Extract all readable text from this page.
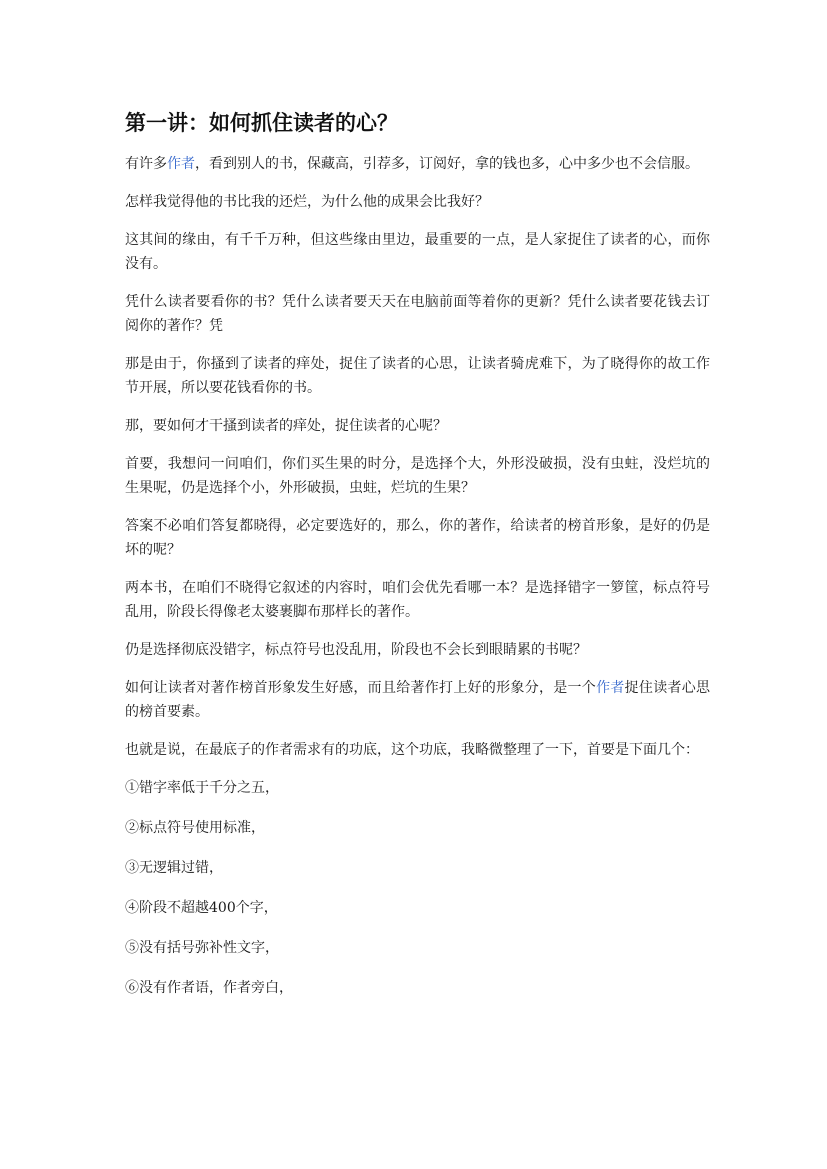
第一讲：如何抓住读者的心？

有许多作者，看到别人的书，保藏高，引荐多，订阅好，拿的钱也多，心中多少也不会信服。

怎样我觉得他的书比我的还烂，为什么他的成果会比我好？

这其间的缘由，有千千万种，但这些缘由里边，最重要的一点，是人家捉住了读者的心，而你没有。

凭什么读者要看你的书？凭什么读者要天天在电脑前面等着你的更新？凭什么读者要花钱去订阅你的著作？凭

那是由于，你搔到了读者的痒处，捉住了读者的心思，让读者骑虎难下，为了晓得你的故工作节开展，所以要花钱看你的书。

那，要如何才干搔到读者的痒处，捉住读者的心呢？

首要，我想问一问咱们，你们买生果的时分，是选择个大，外形没破损，没有虫蛀，没烂坑的生果呢，仍是选择个小，外形破损，虫蛀，烂坑的生果？

答案不必咱们答复都晓得，必定要选好的，那么，你的著作，给读者的榜首形象，是好的仍是坏的呢？

两本书，在咱们不晓得它叙述的内容时，咱们会优先看哪一本？是选择错字一箩筐，标点符号乱用，阶段长得像老太婆裹脚布那样长的著作。

仍是选择彻底没错字，标点符号也没乱用，阶段也不会长到眼睛累的书呢？

如何让读者对著作榜首形象发生好感，而且给著作打上好的形象分，是一个作者捉住读者心思的榜首要素。

也就是说，在最底子的作者需求有的功底，这个功底，我略微整理了一下，首要是下面几个：

①错字率低于千分之五，
②标点符号使用标准，
③无逻辑过错，
④阶段不超越400个字，
⑤没有括号弥补性文字，
⑥没有作者语，作者旁白，
